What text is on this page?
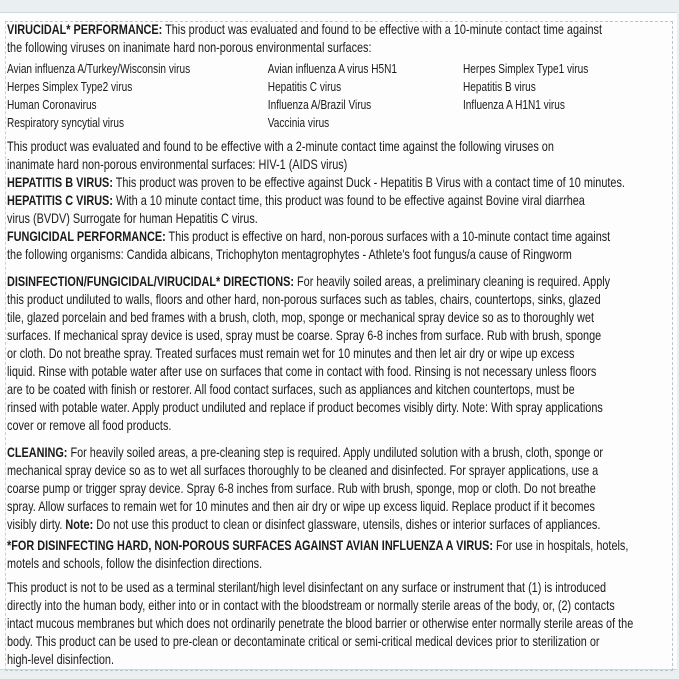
VIRUCIDAL* PERFORMANCE: This product was evaluated and found to be effective with a 10-minute contact time against
the following viruses on inanimate hard non-porous environmental surfaces:
Avian influenza A/Turkey/Wisconsin virus	Avian influenza A virus H5N1	Herpes Simplex Type1 virus
Herpes Simplex Type2 virus	Hepatitis C virus	Hepatitis B virus
Human Coronavirus	Influenza A/Brazil Virus	Influenza A H1N1 virus
Respiratory syncytial virus	Vaccinia virus
This product was evaluated and found to be effective with a 2-minute contact time against the following viruses on
inanimate hard non-porous environmental surfaces: HIV-1 (AIDS virus)
HEPATITIS B VIRUS: This product was proven to be effective against Duck - Hepatitis B Virus with a contact time of 10 minutes.
HEPATITIS C VIRUS: With a 10 minute contact time, this product was found to be effective against Bovine viral diarrhea
virus (BVDV) Surrogate for human Hepatitis C virus.
FUNGICIDAL PERFORMANCE: This product is effective on hard, non-porous surfaces with a 10-minute contact time against
the following organisms: Candida albicans, Trichophyton mentagrophytes - Athlete's foot fungus/a cause of Ringworm
DISINFECTION/FUNGICIDAL/VIRUCIDAL* DIRECTIONS: For heavily soiled areas, a preliminary cleaning is required. Apply
this product undiluted to walls, floors and other hard, non-porous surfaces such as tables, chairs, countertops, sinks, glazed
tile, glazed porcelain and bed frames with a brush, cloth, mop, sponge or mechanical spray device so as to thoroughly wet
surfaces. If mechanical spray device is used, spray must be coarse. Spray 6-8 inches from surface. Rub with brush, sponge
or cloth. Do not breathe spray. Treated surfaces must remain wet for 10 minutes and then let air dry or wipe up excess
liquid. Rinse with potable water after use on surfaces that come in contact with food. Rinsing is not necessary unless floors
are to be coated with finish or restorer. All food contact surfaces, such as appliances and kitchen countertops, must be
rinsed with potable water. Apply product undiluted and replace if product becomes visibly dirty. Note: With spray applications
cover or remove all food products.
CLEANING: For heavily soiled areas, a pre-cleaning step is required. Apply undiluted solution with a brush, cloth, sponge or
mechanical spray device so as to wet all surfaces thoroughly to be cleaned and disinfected. For sprayer applications, use a
coarse pump or trigger spray device. Spray 6-8 inches from surface. Rub with brush, sponge, mop or cloth. Do not breathe
spray. Allow surfaces to remain wet for 10 minutes and then air dry or wipe up excess liquid. Replace product if it becomes
visibly dirty. Note: Do not use this product to clean or disinfect glassware, utensils, dishes or interior surfaces of appliances.
*FOR DISINFECTING HARD, NON-POROUS SURFACES AGAINST AVIAN INFLUENZA A VIRUS: For use in hospitals, hotels,
motels and schools, follow the disinfection directions.
This product is not to be used as a terminal sterilant/high level disinfectant on any surface or instrument that (1) is introduced
directly into the human body, either into or in contact with the bloodstream or normally sterile areas of the body, or, (2) contacts
intact mucous membranes but which does not ordinarily penetrate the blood barrier or otherwise enter normally sterile areas of the
body. This product can be used to pre-clean or decontaminate critical or semi-critical medical devices prior to sterilization or
high-level disinfection.
